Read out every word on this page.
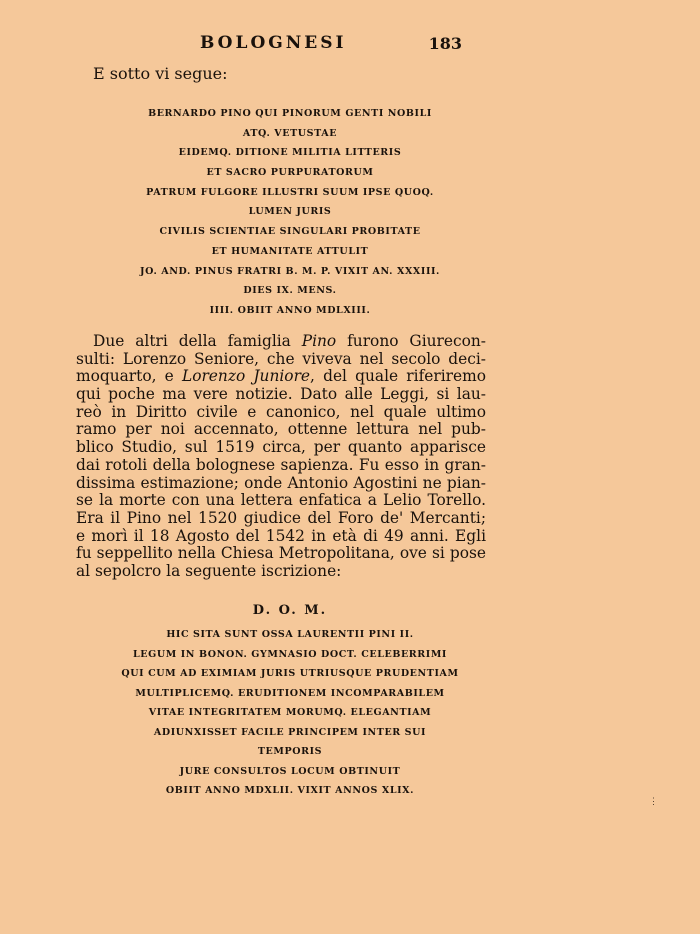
BOLOGNESI	183
E sotto vi segue:
BERNARDO PINO QUI PINORUM GENTI NOBILI
ATQ. VETUSTAE
EIDEMQ. DITIONE MILITIA LITTERIS
ET SACRO PURPURATORUM
PATRUM FULGORE ILLUSTRI SUUM IPSE QUOQ.
LUMEN JURIS
CIVILIS SCIENTIAE SINGULARI PROBITATE
ET HUMANITATE ATTULIT
JO. AND. PINUS FRATRI B. M. P. VIXIT AN. XXXIII.
DIES IX. MENS.
IIII. OBIIT ANNO MDLXIII.
Due altri della famiglia Pino furono Giurecon-
sulti: Lorenzo Seniore, che viveva nel secolo deci-
moquarto, e Lorenzo Juniore, del quale riferiremo
qui poche ma vere notizie. Dato alle Leggi, si lau-
reò in Diritto civile e canonico, nel quale ultimo
ramo per noi accennato, ottenne lettura nel pub-
blico Studio, sul 1519 circa, per quanto apparisce
dai rotoli della bolognese sapienza. Fu esso in gran-
dissima estimazione; onde Antonio Agostini ne pian-
se la morte con una lettera enfatica a Lelio Torello.
Era il Pino nel 1520 giudice del Foro de' Mercanti;
e morì il 18 Agosto del 1542 in età di 49 anni. Egli
fu seppellito nella Chiesa Metropolitana, ove si pose
al sepolcro la seguente iscrizione:
D. O. M.
HIC SITA SUNT OSSA LAURENTII PINI II.
LEGUM IN BONON. GYMNASIO DOCT. CELEBERRIMI
QUI CUM AD EXIMIAM JURIS UTRIUSQUE PRUDENTIAM
MULTIPLICEMQ. ERUDITIONEM INCOMPARABILEM
VITAE INTEGRITATEM MORUMQ. ELEGANTIAM
ADIUNXISSET FACILE PRINCIPEM INTER SUI
TEMPORIS
JURE CONSULTOS LOCUM OBTINUIT
OBIIT ANNO MDXLII. VIXIT ANNOS XLIX.
⋮
